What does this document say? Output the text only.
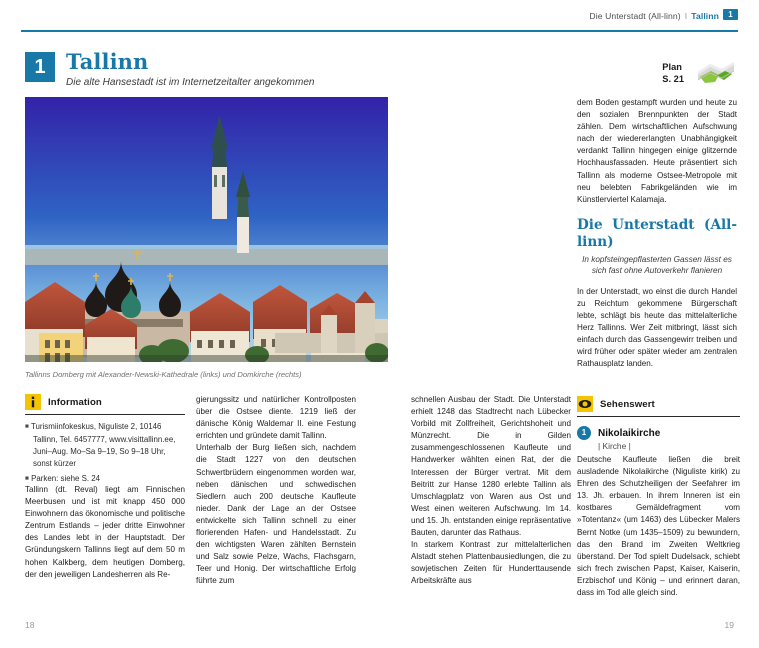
Die Unterstadt (All-linn) I Tallinn	1
1 Tallinn
Die alte Hansestadt ist im Internetzeitalter angekommen
Plan
S. 21
Tallinns Domberg mit Alexander-Newski-Kathedrale (links) und Domkirche (rechts)
Information

■ Turismiinfokeskus, Niguliste 2, 10146 Tallinn, Tel. 6457777, www.visittallinn.ee, Juni–Aug. Mo–Sa 9–19, So 9–18 Uhr, sonst kürzer

■ Parken: siehe S. 24

Tallinn (dt. Reval) liegt am Finnischen Meerbusen und ist mit knapp 450 000 Einwohnern das ökonomische und politische Zentrum Estlands – jeder dritte Einwohner des Landes lebt in der Hauptstadt. Der Gründungskern Tallinns liegt auf dem 50 m hohen Kalkberg, dem heutigen Domberg, der den jeweiligen Landesherren als Re-

gierungssitz und natürlicher Kontrollposten über die Ostsee diente. 1219 ließ der dänische König Waldemar II. eine Festung errichten und gründete damit Tallinn.

Unterhalb der Burg ließen sich, nachdem die Stadt 1227 von den deutschen Schwertbrüdern eingenommen worden war, neben dänischen und schwedischen Siedlern auch 200 deutsche Kaufleute nieder. Dank der Lage an der Ostsee entwickelte sich Tallinn schnell zu einer florierenden Hafen- und Handelsstadt. Zu den wichtigsten Waren zählten Bernstein und Salz sowie Pelze, Wachs, Flachsgarn, Teer und Honig. Der wirtschaftliche Erfolg führte zum

schnellen Ausbau der Stadt. Die Unterstadt erhielt 1248 das Stadtrecht nach Lübecker Vorbild mit Zollfreiheit, Gerichtshoheit und Münzrecht. Die in Gilden zusammengeschlossenen Kaufleute und Handwerker wählten einen Rat, der die Interessen der Bürger vertrat. Mit dem Beitritt zur Hanse 1280 erlebte Tallinn als Umschlagplatz von Waren aus Ost und West einen weiteren Aufschwung. Im 14. und 15. Jh. entstanden einige repräsentative Bauten, darunter das Rathaus.

In starkem Kontrast zur mittelalterlichen Alstadt stehen Plattenbausiedlungen, die zu sowjetischen Zeiten für Hunderttausende Arbeitskräfte aus

dem Boden gestampft wurden und heute zu den sozialen Brennpunkten der Stadt zählen. Dem wirtschaftlichen Aufschwung nach der wiedererlangten Unabhängigkeit verdankt Tallinn hingegen einige glitzernde Hochhausfassaden. Heute präsentiert sich Tallinn als moderne Ostsee-Metropole mit neu belebten Fabrikgeländen wie im Künstlerviertel Kalamaja.

Die Unterstadt (All-linn)
In kopfsteingepflasterten Gassen lässt es sich fast ohne Autoverkehr flanieren

In der Unterstadt, wo einst die durch Handel zu Reichtum gekommene Bürgerschaft lebte, schlägt bis heute das mittelalterliche Herz Tallinns. Wer Zeit mitbringt, lässt sich einfach durch das Gassengewirr treiben und wird früher oder später wieder am zentralen Rathausplatz landen.

Sehenswert
1	Nikolaikirche
| Kirche |
Deutsche Kaufleute ließen die breit ausladende Nikolaikirche (Niguliste kirik) zu Ehren des Schutzheiligen der Seefahrer im 13. Jh. erbauen. In ihrem Inneren ist ein kostbares Gemäldefragment vom »Totentanz« (um 1463) des Lübecker Malers Bernt Notke (um 1435–1509) zu bewundern, das den Brand im Zweiten Weltkrieg überstand. Der Tod spielt Dudelsack, schiebt sich frech zwischen Papst, Kaiser, Kaiserin, Erzbischof und König – und erinnert daran, dass im Tod alle gleich sind.
18	19
